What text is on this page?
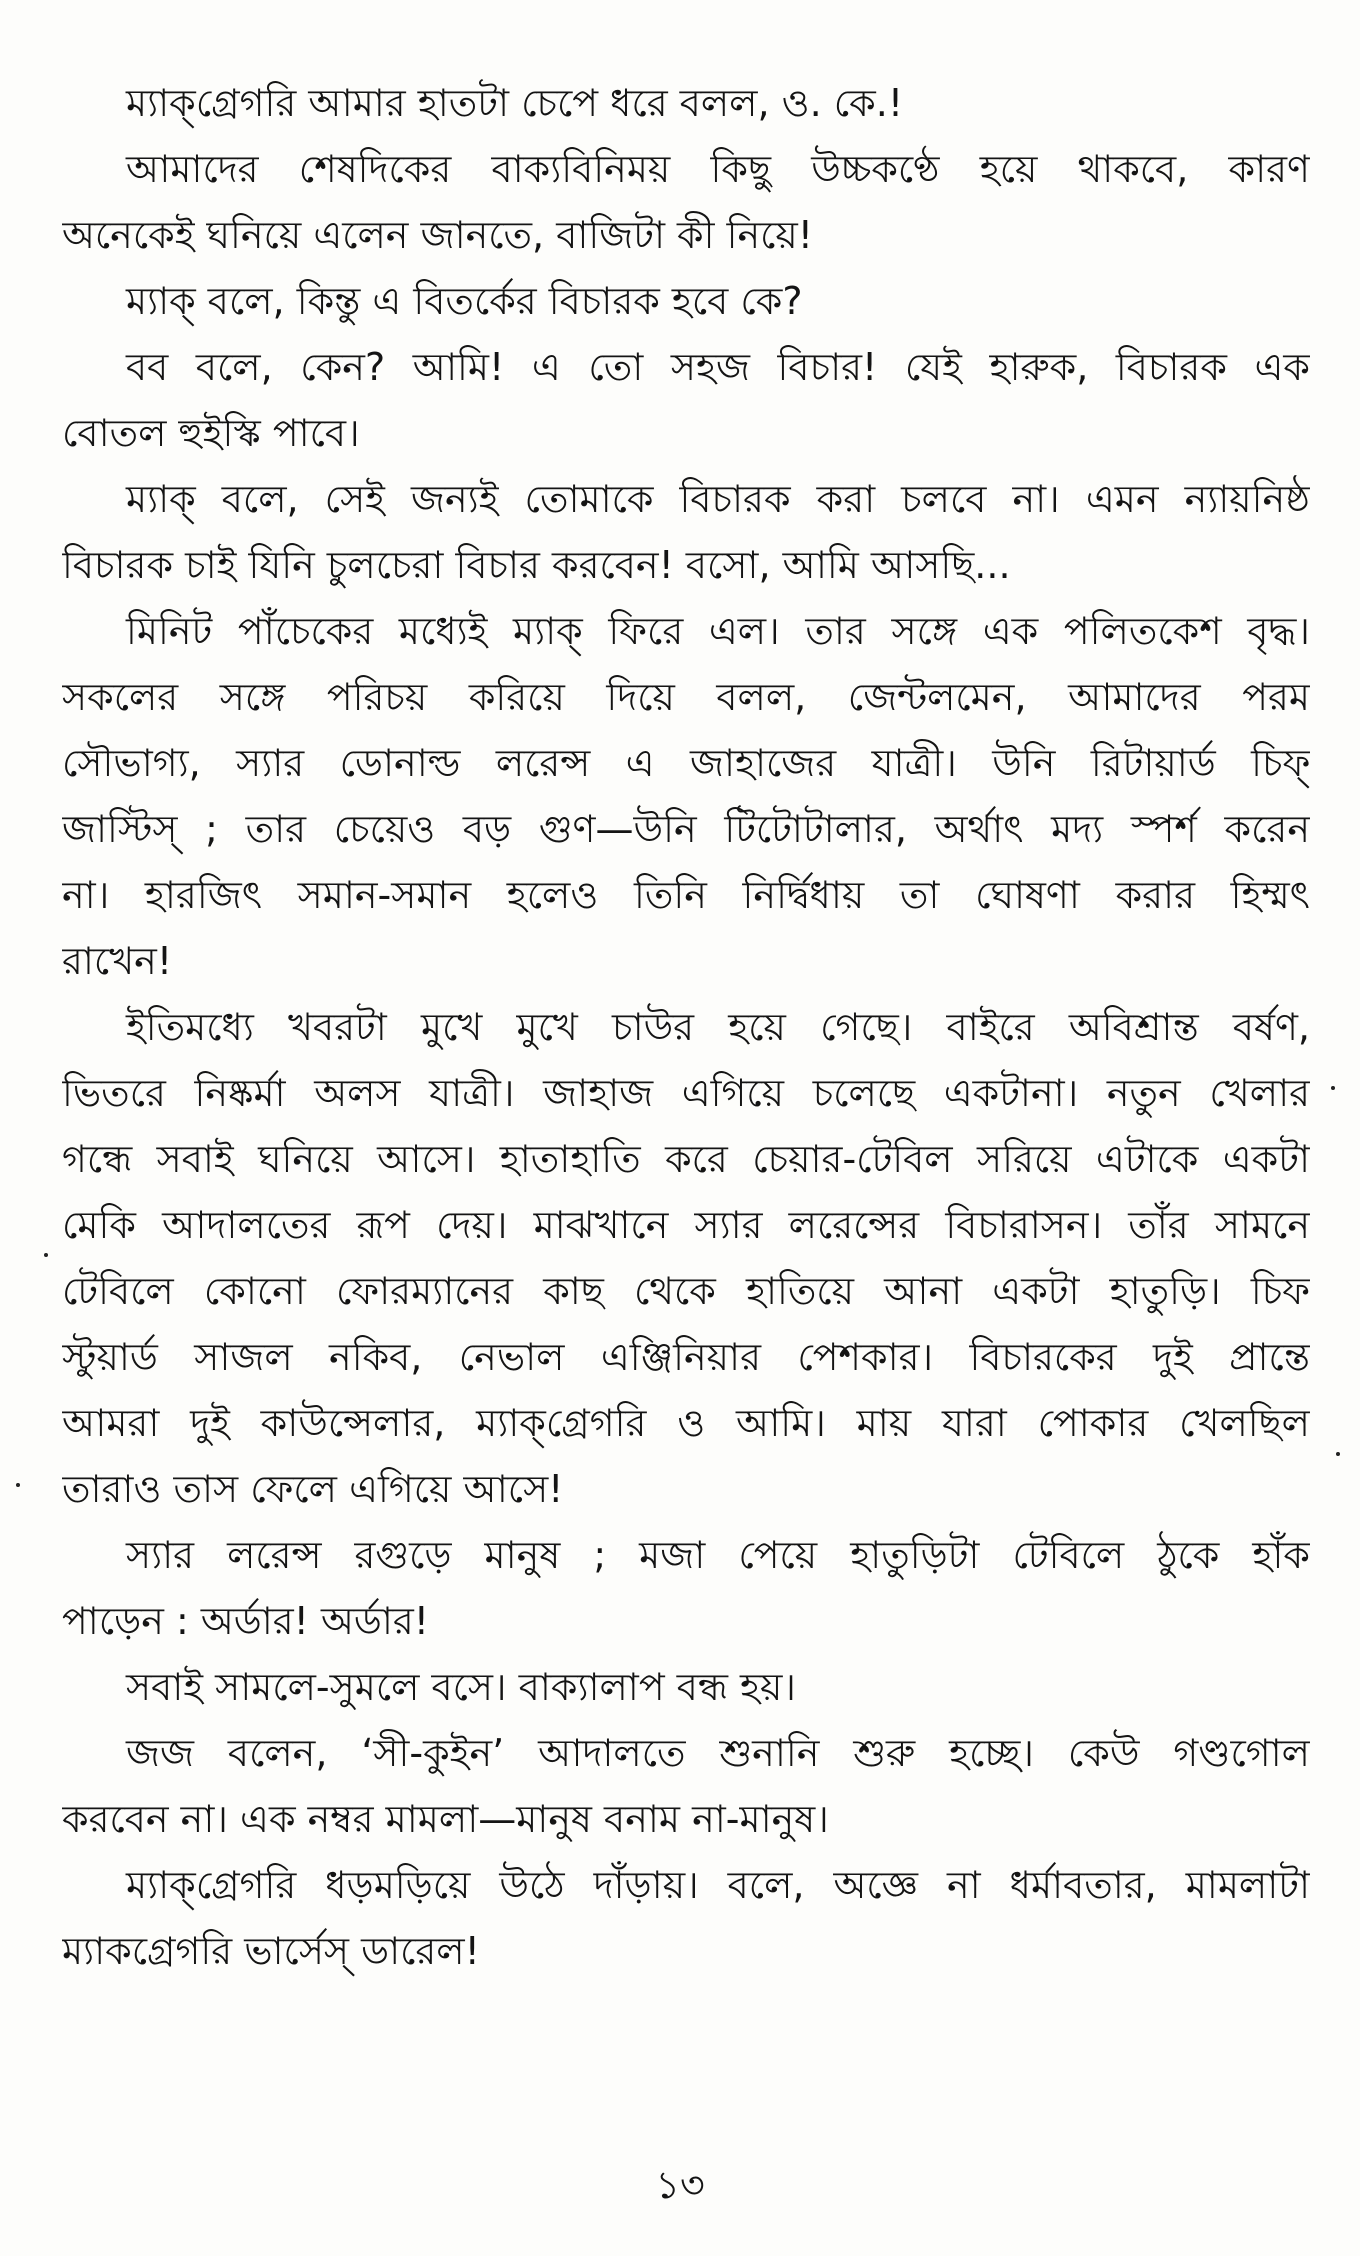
ম্যাক্‌গ্রেগরি আমার হাতটা চেপে ধরে বলল, ও. কে.!
আমাদের শেষদিকের বাক্যবিনিময় কিছু উচ্চকণ্ঠে হয়ে থাকবে, কারণ
অনেকেই ঘনিয়ে এলেন জানতে, বাজিটা কী নিয়ে!
ম্যাক্ বলে, কিন্তু এ বিতর্কের বিচারক হবে কে?
বব বলে, কেন? আমি! এ তো সহজ বিচার! যেই হারুক, বিচারক এক
বোতল হুইস্কি পাবে।
ম্যাক্ বলে, সেই জন্যই তোমাকে বিচারক করা চলবে না। এমন ন্যায়নিষ্ঠ
বিচারক চাই যিনি চুলচেরা বিচার করবেন! বসো, আমি আসছি...
মিনিট পাঁচেকের মধ্যেই ম্যাক্ ফিরে এল। তার সঙ্গে এক পলিতকেশ বৃদ্ধ।
সকলের সঙ্গে পরিচয় করিয়ে দিয়ে বলল, জেন্টলমেন, আমাদের পরম
সৌভাগ্য, স্যার ডোনাল্ড লরেন্স এ জাহাজের যাত্রী। উনি রিটায়ার্ড চিফ্
জাস্টিস্ ; তার চেয়েও বড় গুণ—উনি টিটোটালার, অর্থাৎ মদ্য স্পর্শ করেন
না। হারজিৎ সমান-সমান হলেও তিনি নির্দ্বিধায় তা ঘোষণা করার হিম্মৎ
রাখেন!
ইতিমধ্যে খবরটা মুখে মুখে চাউর হয়ে গেছে। বাইরে অবিশ্রান্ত বর্ষণ,
ভিতরে নিষ্কর্মা অলস যাত্রী। জাহাজ এগিয়ে চলেছে একটানা। নতুন খেলার
গন্ধে সবাই ঘনিয়ে আসে। হাতাহাতি করে চেয়ার-টেবিল সরিয়ে এটাকে একটা
মেকি আদালতের রূপ দেয়। মাঝখানে স্যার লরেন্সের বিচারাসন। তাঁর সামনে
টেবিলে কোনো ফোরম্যানের কাছ থেকে হাতিয়ে আনা একটা হাতুড়ি। চিফ
স্টুয়ার্ড সাজল নকিব, নেভাল এঞ্জিনিয়ার পেশকার। বিচারকের দুই প্রান্তে
আমরা দুই কাউন্সেলার, ম্যাক্‌গ্রেগরি ও আমি। মায় যারা পোকার খেলছিল
তারাও তাস ফেলে এগিয়ে আসে!
স্যার লরেন্স রগুড়ে মানুষ ; মজা পেয়ে হাতুড়িটা টেবিলে ঠুকে হাঁক
পাড়েন : অর্ডার! অর্ডার!
সবাই সামলে-সুমলে বসে। বাক্যালাপ বন্ধ হয়।
জজ বলেন, ‘সী-কুইন’ আদালতে শুনানি শুরু হচ্ছে। কেউ গণ্ডগোল
করবেন না। এক নম্বর মামলা—মানুষ বনাম না-মানুষ।
ম্যাক্‌গ্রেগরি ধড়মড়িয়ে উঠে দাঁড়ায়। বলে, অজ্ঞে না ধর্মাবতার, মামলাটা
ম্যাকগ্রেগরি ভার্সেস্ ডারেল!
১৩
